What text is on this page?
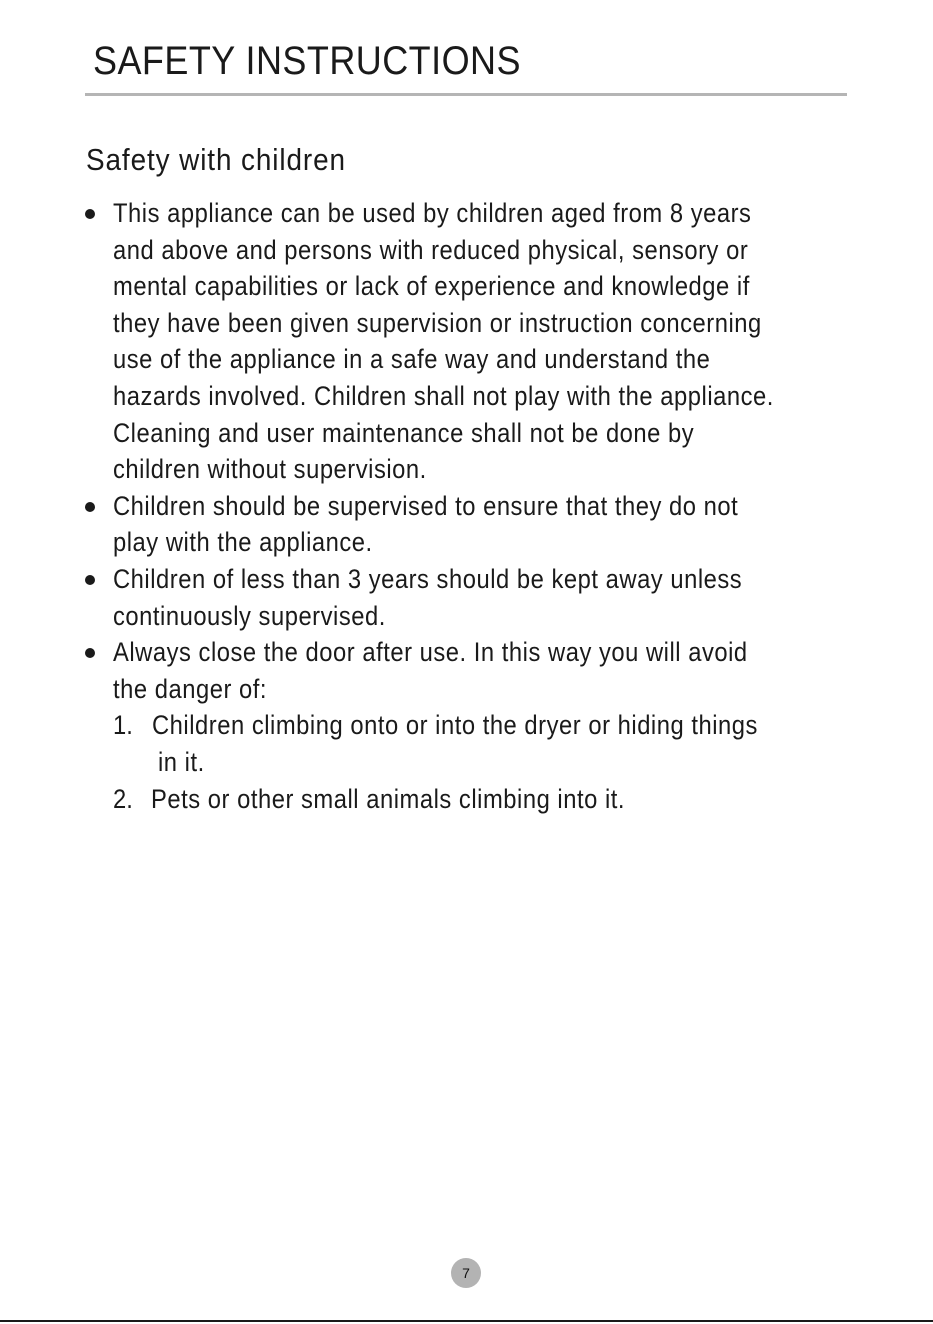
SAFETY INSTRUCTIONS
Safety with children
This appliance can be used by children aged from 8 years
and above and persons with reduced physical, sensory or
mental capabilities or lack of experience and knowledge if
they have been given supervision or instruction concerning
use of the appliance in a safe way and understand the
hazards involved. Children shall not play with the appliance.
Cleaning and user maintenance shall not be done by
children without supervision.
Children should be supervised to ensure that they do not
play with the appliance.
Children of less than 3 years should be kept away unless
continuously supervised.
Always close the door after use. In this way you will avoid
the danger of:
1. Children climbing onto or into the dryer or hiding things
in it.
2. Pets or other small animals climbing into it.
7
